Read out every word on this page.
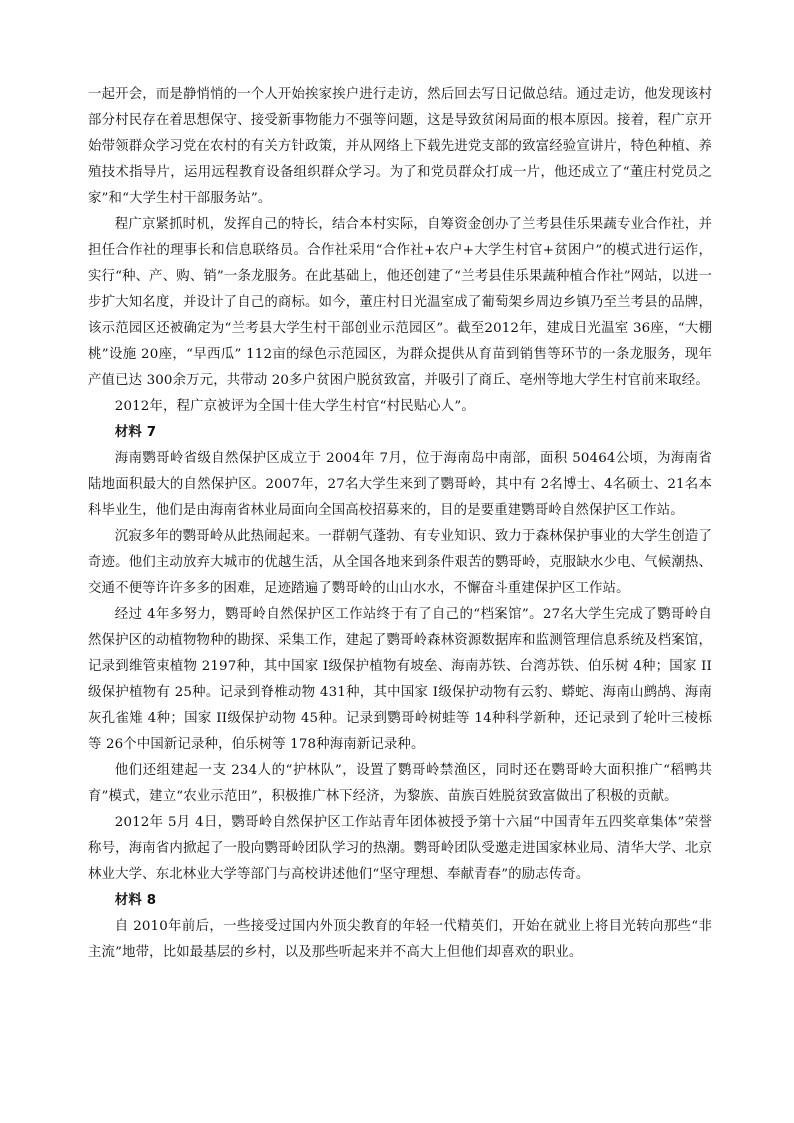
一起开会，而是静悄悄的一个人开始挨家挨户进行走访，然后回去写日记做总结。通过走访，他发现该村部分村民存在着思想保守、接受新事物能力不强等问题，这是导致贫闲局面的根本原因。接着，程广京开始带领群众学习党在农村的有关方针政策，并从网络上下载先进党支部的致富经验宣讲片，特色种植、养殖技术指导片，运用远程教育设备组织群众学习。为了和党员群众打成一片，他还成立了“董庄村党员之家”和“大学生村干部服务站”。

程广京紧抓时机，发挥自己的特长，结合本村实际，自筹资金创办了兰考县佳乐果蔬专业合作社，并担任合作社的理事长和信息联络员。合作社采用“合作社+农户+大学生村官+贫困户”的模式进行运作，实行“种、产、购、销”一条龙服务。在此基础上，他还创建了“兰考县佳乐果蔬种植合作社”网站，以进一步扩大知名度，并设计了自己的商标。如今，董庄村日光温室成了葡萄架乡周边乡镇乃至兰考县的品牌，该示范园区还被确定为“兰考县大学生村干部创业示范园区”。截至2012年，建成日光温室 36座，“大棚桃”设施 20座，“早西瓜” 112亩的绿色示范园区，为群众提供从育苗到销售等环节的一条龙服务，现年产值已达 300余万元，共带动 20多户贫困户脱贫致富，并吸引了商丘、亳州等地大学生村官前来取经。

2012年，程广京被评为全国十佳大学生村官“村民贴心人”。

材料 7

海南鹦哥岭省级自然保护区成立于 2004年 7月，位于海南岛中南部，面积 50464公顷，为海南省陆地面积最大的自然保护区。2007年，27名大学生来到了鹦哥岭，其中有 2名博士、4名硕士、21名本科毕业生，他们是由海南省林业局面向全国高校招募来的，目的是要重建鹦哥岭自然保护区工作站。

沉寂多年的鹦哥岭从此热闹起来。一群朝气蓬勃、有专业知识、致力于森林保护事业的大学生创造了奇迹。他们主动放弃大城市的优越生活，从全国各地来到条件艰苦的鹦哥岭，克服缺水少电、气候潮热、交通不便等许许多多的困难，足迹踏遍了鹦哥岭的山山水水，不懈奋斗重建保护区工作站。

经过 4年多努力，鹦哥岭自然保护区工作站终于有了自己的“档案馆”。27名大学生完成了鹦哥岭自然保护区的动植物物种的勘探、采集工作，建起了鹦哥岭森林资源数据库和监测管理信息系统及档案馆，记录到维管束植物 2197种，其中国家 I级保护植物有坡垒、海南苏铁、台湾苏铁、伯乐树 4种；国家 II级保护植物有 25种。记录到脊椎动物 431种，其中国家 I级保护动物有云豹、蟒蛇、海南山鹧鸪、海南灰孔雀雉 4种；国家 II级保护动物 45种。记录到鹦哥岭树蛙等 14种科学新种，还记录到了轮叶三棱栎等 26个中国新记录种，伯乐树等 178种海南新记录种。

他们还组建起一支 234人的“护林队”，设置了鹦哥岭禁渔区，同时还在鹦哥岭大面积推广“稻鸭共育”模式，建立“农业示范田”，积极推广林下经济，为黎族、苗族百姓脱贫致富做出了积极的贡献。

2012年 5月 4日，鹦哥岭自然保护区工作站青年团体被授予第十六届“中国青年五四奖章集体”荣誉称号，海南省内掀起了一股向鹦哥岭团队学习的热潮。鹦哥岭团队受邀走进国家林业局、清华大学、北京林业大学、东北林业大学等部门与高校讲述他们“坚守理想、奉献青春”的励志传奇。

材料 8

自 2010年前后，一些接受过国内外顶尖教育的年轻一代精英们，开始在就业上将目光转向那些“非主流”地带，比如最基层的乡村，以及那些听起来并不高大上但他们却喜欢的职业。
